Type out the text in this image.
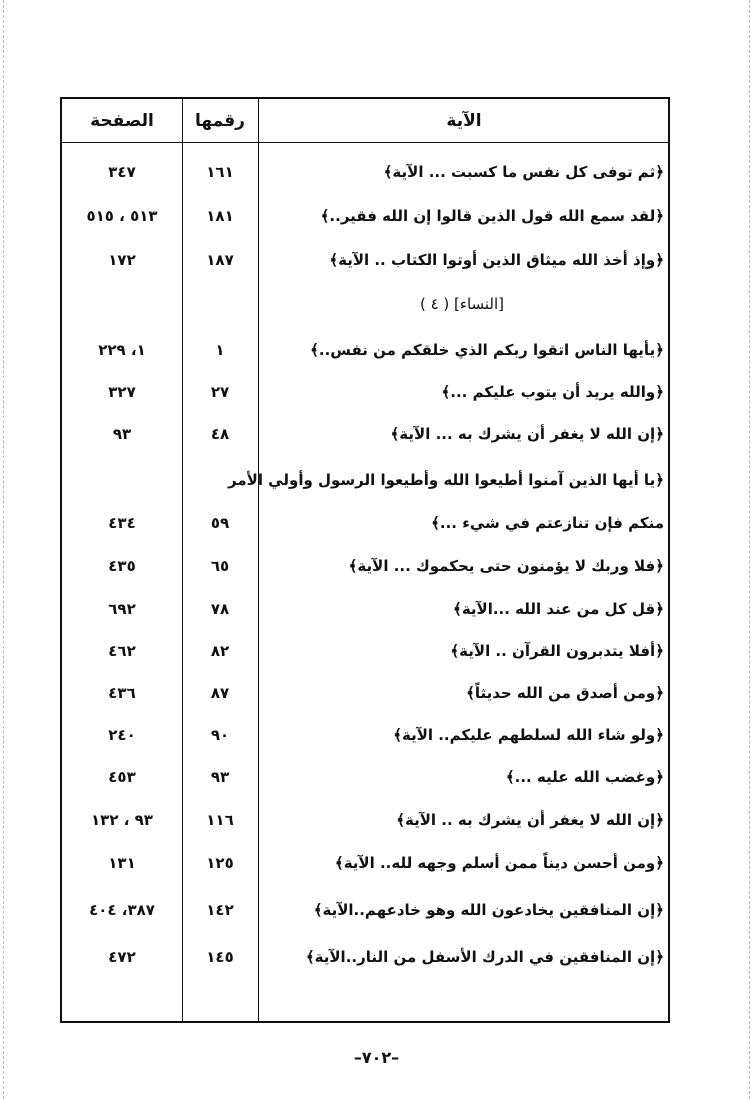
الآية
رقمها
الصفحة
﴿ثم توفى كل نفس ما كسبت ... الآية﴾
١٦١
٣٤٧
﴿لقد سمع الله قول الذين قالوا إن الله فقير..﴾
١٨١
٥١٣ ، ٥١٥
﴿وإذ أخذ الله ميثاق الذين أوتوا الكتاب .. الآية﴾
١٨٧
١٧٢
[النساء] ( ٤ )
﴿يأيها الناس اتقوا ربكم الذي خلقكم من نفس..﴾
١
١، ٢٢٩
﴿والله يريد أن يتوب عليكم ...﴾
٢٧
٣٢٧
﴿إن الله لا يغفر أن يشرك به ... الآية﴾
٤٨
٩٣
﴿يا أيها الذين آمنوا أطيعوا الله وأطيعوا الرسول وأولي الأمر
منكم فإن تنازعتم في شيء ...﴾
٥٩
٤٣٤
﴿فلا وربك لا يؤمنون حتى يحكموك ... الآية﴾
٦٥
٤٣٥
﴿قل كل من عند الله ...الآية﴾
٧٨
٦٩٢
﴿أفلا يتدبرون القرآن .. الآية﴾
٨٢
٤٦٢
﴿ومن أصدق من الله حديثاً﴾
٨٧
٤٣٦
﴿ولو شاء الله لسلطهم عليكم.. الآية﴾
٩٠
٢٤٠
﴿وغضب الله عليه ...﴾
٩٣
٤٥٣
﴿إن الله لا يغفر أن يشرك به .. الآية﴾
١١٦
٩٣ ، ١٣٢
﴿ومن أحسن ديناً ممن أسلم وجهه لله.. الآية﴾
١٢٥
١٣١
﴿إن المنافقين يخادعون الله وهو خادعهم..الآية﴾
١٤٢
٣٨٧، ٤٠٤
﴿إن المنافقين في الدرك الأسفل من النار..الآية﴾
١٤٥
٤٧٢
–٧٠٢–
